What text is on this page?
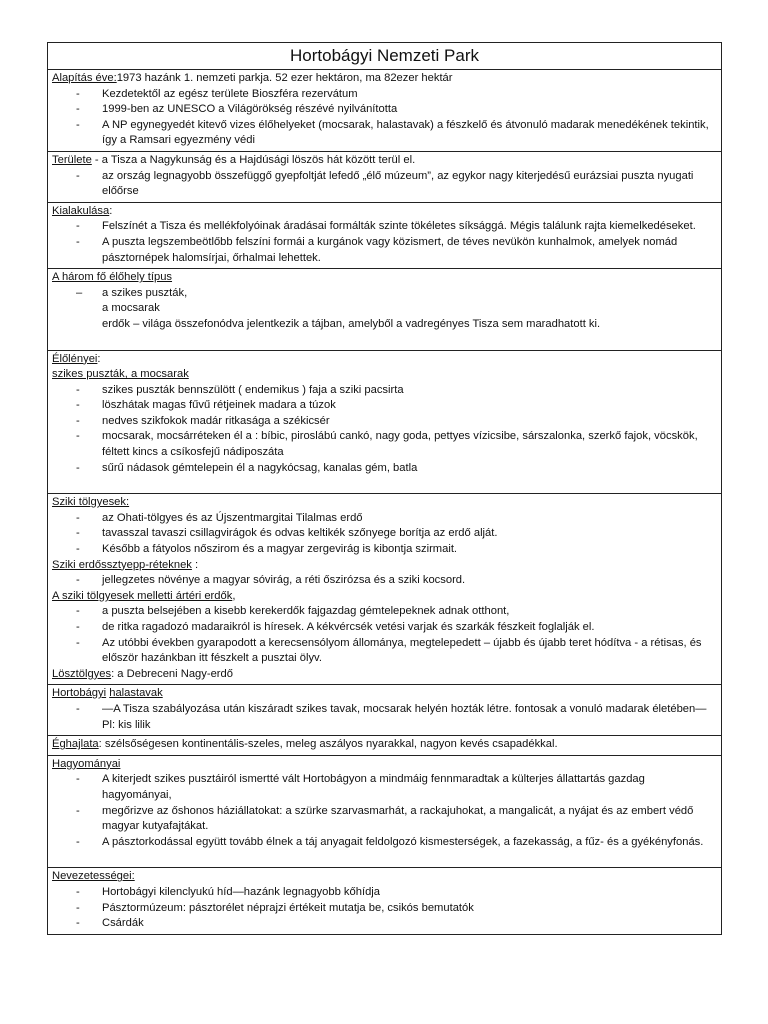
Hortobágyi Nemzeti Park

Alapítás éve:1973 hazánk 1. nemzeti parkja. 52 ezer hektáron, ma 82ezer hektár
- Kezdetektől az egész területe Bioszféra rezervátum
- 1999-ben az UNESCO a Világörökség részévé nyilvánította
- A NP egynegyedét kitevő vizes élőhelyeket (mocsarak, halastavak) a fészkelő és átvonuló madarak menedékének tekintik, így a Ramsari egyezmény védi

Területe - a Tisza a Nagykunság és a Hajdúsági löszös hát között terül el.
- az ország legnagyobb összefüggő gyepfoltját lefedő „élő múzeum”, az egykor nagy kiterjedésű eurázsiai puszta nyugati előőrse

Kialakulása:
- Felszínét a Tisza és mellékfolyóinak áradásai formálták szinte tökéletes síksággá. Mégis találunk rajta kiemelkedéseket.
- A puszta legszembeötlőbb felszíni formái a kurgánok vagy közismert, de téves nevükön kunhalmok, amelyek nomád pásztornépek halomsírjai, őrhalmai lehettek.

A három fő élőhely típus
– a szikes puszták,
a mocsarak
erdők – világa összefonódva jelentkezik a tájban, amelyből a vadregényes Tisza sem maradhatott ki.

Élőlényei:
szikes puszták, a mocsarak
- szikes puszták bennszülött ( endemikus ) faja a sziki pacsirta
- löszhátak magas fűvű rétjeinek madara a túzok
- nedves szikfokok madár ritkasága a székicsér
- mocsarak, mocsárréteken él a : bíbic, piroslábú cankó, nagy goda, pettyes vízicsibe, sárszalonka, szerkő fajok, vöcskök, féltett kincs a csíkosfejű nádiposzáta
- sűrű nádasok gémtelepein él a nagykócsag, kanalas gém, batla

Sziki tölgyesek:
- az Ohati-tölgyes és az Újszentmargitai Tilalmas erdő
- tavasszal tavaszi csillagvirágok és odvas keltikék szőnyege borítja az erdő alját.
- Később a fátyolos nőszirom és a magyar zergevirág is kibontja szirmait.
Sziki erdőssztyepp-réteknek :
- jellegzetes növénye a magyar sóvirág, a réti őszirózsa és a sziki kocsord.
A sziki tölgyesek melletti ártéri erdők,
- a puszta belsejében a kisebb kerekerdők fajgazdag gémtelepeknek adnak otthont,
- de ritka ragadozó madaraikról is híresek. A kékvércsék vetési varjak és szarkák fészkeit foglalják el.
- Az utóbbi években gyarapodott a kerecsensólyom állománya, megtelepedett – újabb és újabb teret hódítva - a rétisas, és először hazánkban itt fészkelt a pusztai ölyv.
Lösztölgyes: a Debreceni Nagy-erdő

Hortobágyi halastavak
- —A Tisza szabályozása után kiszáradt szikes tavak, mocsarak helyén hozták létre. fontosak a vonuló madarak életében—Pl: kis lilik

Éghajlata: szélsőségesen kontinentális-szeles, meleg aszályos nyarakkal, nagyon kevés csapadékkal.

Hagyományai
- A kiterjedt szikes pusztáiról ismertté vált Hortobágyon a mindmáig fennmaradtak a külterjes állattartás gazdag hagyományai,
- megőrizve az őshonos háziállatokat: a szürke szarvasmarhát, a rackajuhokat, a mangalicát, a nyájat és az embert védő magyar kutyafajtákat.
- A pásztorkodással együtt tovább élnek a táj anyagait feldolgozó kismesterségek, a fazekasság, a fűz- és a gyékényfonás.

Nevezetességei:
- Hortobágyi kilenclyukú híd—hazánk legnagyobb kőhídja
- Pásztormúzeum: pásztorélet néprajzi értékeit mutatja be, csikós bemutatók
- Csárdák
